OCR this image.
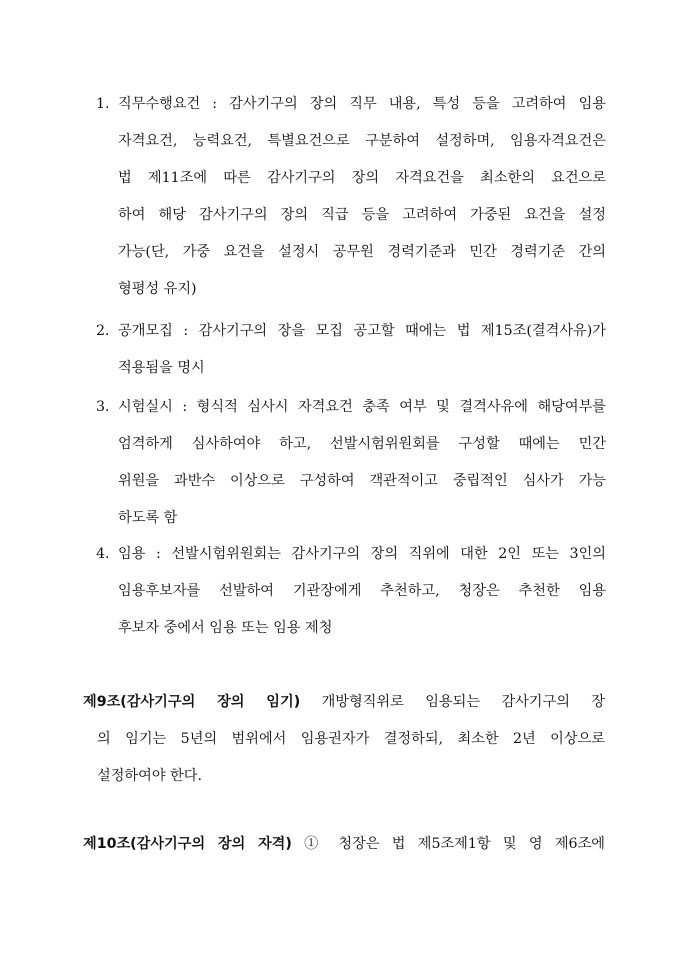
1. 직무수행요건 : 감사기구의 장의 직무 내용, 특성 등을 고려하여 임용
자격요건, 능력요건, 특별요건으로 구분하여 설정하며, 임용자격요건은
법 제11조에 따른 감사기구의 장의 자격요건을 최소한의 요건으로
하여 해당 감사기구의 장의 직급 등을 고려하여 가중된 요건을 설정
가능(단, 가중 요건을 설정시 공무원 경력기준과 민간 경력기준 간의
형평성 유지)
2. 공개모집 : 감사기구의 장을 모집 공고할 때에는 법 제15조(결격사유)가
적용됨을 명시
3. 시험실시 : 형식적 심사시 자격요건 충족 여부 및 결격사유에 해당여부를
엄격하게 심사하여야 하고, 선발시험위원회를 구성할 때에는 민간
위원을 과반수 이상으로 구성하여 객관적이고 중립적인 심사가 가능
하도록 함
4. 임용 : 선발시험위원회는 감사기구의 장의 직위에 대한 2인 또는 3인의
임용후보자를 선발하여 기관장에게 추천하고, 청장은 추천한 임용
후보자 중에서 임용 또는 임용 제청
제9조(감사기구의 장의 임기) 개방형직위로 임용되는 감사기구의 장
의 임기는 5년의 범위에서 임용권자가 결정하되, 최소한 2년 이상으로
설정하여야 한다.
제10조(감사기구의 장의 자격) ① 청장은 법 제5조제1항 및 영 제6조에
